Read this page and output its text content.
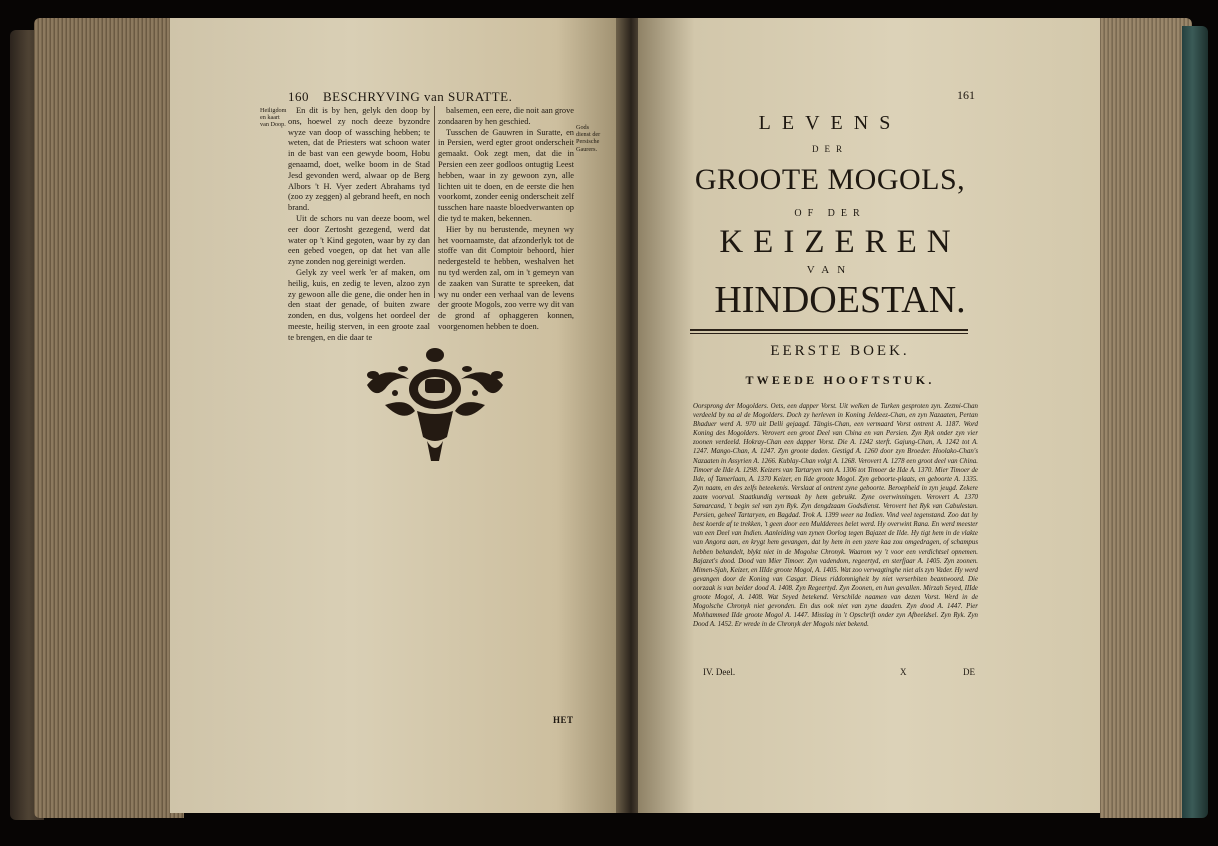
160 BESCHRYVING van SURATTE.
Heiligdom en kaart van Doop.	Gods dienst der Persische Gaurers.

En dit is by hen, gelyk den doop by ons, hoewel zy noch deeze byzondre wyze van doop of wassching hebben; te weten, dat de Priesters wat schoon water in de bast van een gewyde boom, Hobu genaamd, doet, welke boom in de Stad Jesd gevonden werd, alwaar op de Berg Albors 't H. Vyer zedert Abrahams tyd (zoo zy zeggen) al gebrand heeft, en noch brand.

Uit de schors nu van deeze boom, wel eer door Zertosht gezegend, werd dat water op 't Kind gegoten, waar by zy dan een gebed voegen, op dat het van alle zyne zonden nog gereinigt werden.

Gelyk zy veel werk 'er af maken, om heilig, kuis, en zedig te leven, alzoo zyn zy gewoon alle die gene, die onder hen in den staat der genade, of buiten zware zonden, en dus, volgens het oordeel der meeste, heilig sterven, in een groote zaal te brengen, en die daar te

balsemen, een eere, die noit aan grove zondaaren by hen geschied.

Tusschen de Gauwren in Suratte, en in Persien, werd egter groot onderscheit gemaakt. Ook zegt men, dat die in Persien een zeer godloos ontugtig Leest hebben, waar in zy gewoon zyn, alle lichten uit te doen, en de eerste die hen voorkomt, zonder eenig onderscheit zelf tusschen hare naaste bloedverwanten op die tyd te maken, bekennen.

Hier by nu berustende, meynen wy het voornaamste, dat afzonderlyk tot de stoffe van dit Comptoir behoord, hier nedergesteld te hebben, weshalven het nu tyd werden zal, om in 't gemeyn van de zaaken van Suratte te spreeken, dat wy nu onder een verhaal van de levens der groote Mogols, zoo verre wy dit van de grond af ophaggeren konnen, voorgenomen hebben te doen.

HET
161
LEVENS
DER
GROOTE MOGOLS,
OF DER
KEIZEREN
VAN
HINDOESTAN.
EERSTE BOEK.
TWEEDE HOOFTSTUK.
Oorsprong der Mogolders. Oets, een dapper Vorst. Uit welken de Turken gesproten zyn. Zezmi-Chan verdeeld by na al de Mogolders. Doch zy herleven in Koning Jeldeez-Chan, en zyn Nazaaten, Pertan Bhaduer werd A. 970 uit Delli gejaagd. Tängis-Chan, een vermaard Vorst ontrent A. 1187. Word Koning des Mogolders. Verovert een groot Deel van China en van Persien. Zyn Ryk onder zyn vier zoonen verdeeld. Hokray-Chan een dapper Vorst. Die A. 1242 sterft. Gajung-Chan, A. 1242 tot A. 1247. Mango-Chan, A. 1247. Zyn groote daden. Gestigd A. 1260 door zyn Broeder. Hoolako-Chan's Nazaaten in Assyrien A. 1266. Kublay-Chan volgt A. 1268. Verovert A. 1278 een groot deel van China. Timoer de Ilde A. 1298. Keizers van Tartaryen van A. 1306 tot Timoer de IIde A. 1370. Mier Timoer de Ilde, of Tamerlaan, A. 1370 Keizer, en Ilde groote Mogol. Zyn geboorte-plaats, en geboorte A. 1335. Zyn naam, en des zelfs beteekenis. Verslaat al ontrent zyne geboorte. Beroepheid in zyn jeugd. Zekere zaam voorval. Staatkundig vermaak by hem gebruikt. Zyne overwinningen. Verovert A. 1370 Samarcand, 't begin sel van zyn Ryk. Zyn dengdzaam Godsdienst. Verovert het Ryk van Cabulestan. Persien, geheel Tartaryen, en Bagdad. Trok A. 1399 weer na Indien. Vind veel tegenstand. Zoo dat hy best koerde af te trekken, 't geen door een Muldderees belet werd. Hy overwint Rana. En werd meester van een Deel van Indien. Aanleiding van zynen Oorlog tegen Bajazet de Ilde. Hy tigt hem in de vlakte van Angora aan, en krygt hem gevangen, dat hy hem in een yzere kaa zou omgedragen, of schampus hebben behandelt, blykt niet in de Mogolse Chronyk. Waarom wy 't voor een verdichtsel opnemen. Bajazet's dood. Dood van Mier Timoer. Zyn vadendom, regeertyd, en sterfjaar A. 1405. Zyn zoonen. Mimen-Sjah, Keizer, en IIIde groote Mogol, A. 1405. Wat zoo verwagtinghe niet als zyn Vader. Hy werd gevangen door de Koning van Casgar. Dieus riddomnigheit by niet verserbiten beantwoord. Die oorzaak is van beider dood A. 1408. Zyn Regeertyd. Zyn Zoonen, en hun gevallen. Mirzah Seyed, IIIde groote Mogol, A. 1408. Wat Seyed betekend. Verschilde naamen van dezen Vorst. Werd in de Mogolsche Chronyk niet gevonden. En dus ook niet van zyne daaden. Zyn dood A. 1447. Pier Mohhammed IIde groote Mogol A. 1447. Misslag in 't Opschrift onder zyn Afbeeldsel. Zyn Ryk. Zyn Dood A. 1452. Er wrede in de Chronyk der Mogols niet bekend.
IV. Deel.	X	DE
